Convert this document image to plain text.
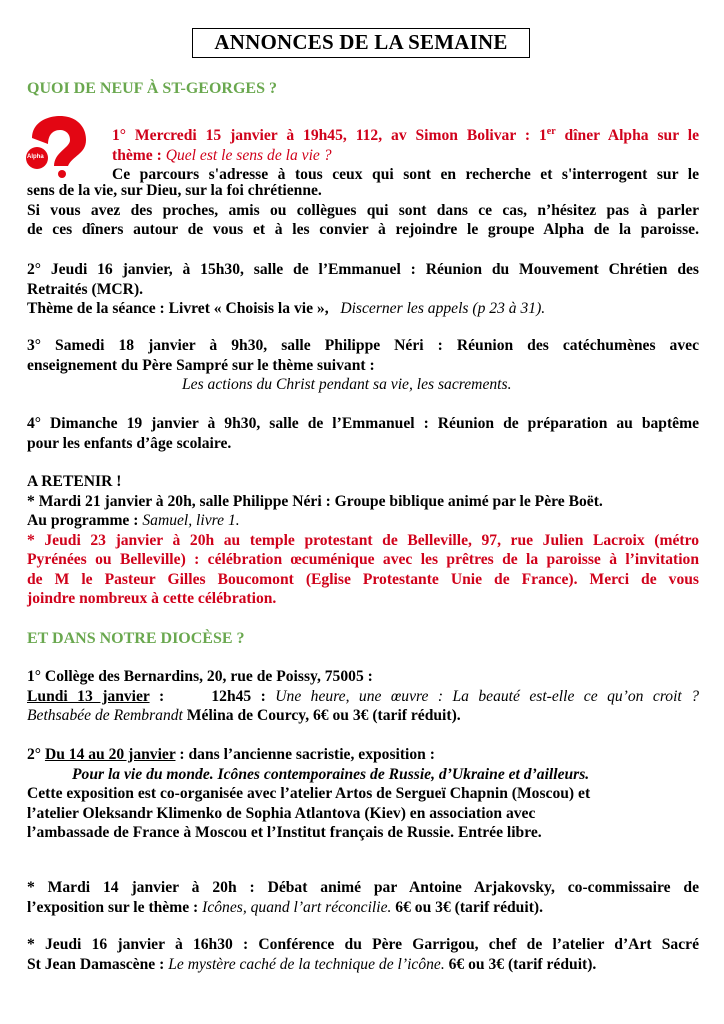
ANNONCES DE LA SEMAINE
QUOI DE NEUF À ST-GEORGES ?
Alpha
1° Mercredi 15 janvier à 19h45, 112, av Simon Bolivar : 1er dîner Alpha sur le
thème : Quel est le sens de la vie ?
Ce parcours s'adresse à tous ceux qui sont en recherche et s'interrogent sur le
sens de la vie, sur Dieu, sur la foi chrétienne.
Si vous avez des proches, amis ou collègues qui sont dans ce cas, n’hésitez pas à parler
de ces dîners autour de vous et à les convier à rejoindre le groupe Alpha de la paroisse.
2° Jeudi 16 janvier, à 15h30, salle de l’Emmanuel : Réunion du Mouvement Chrétien des
Retraités (MCR).
Thème de la séance : Livret « Choisis la vie », Discerner les appels (p 23 à 31).
3° Samedi 18 janvier à 9h30, salle Philippe Néri : Réunion des catéchumènes avec
enseignement du Père Sampré sur le thème suivant :
Les actions du Christ pendant sa vie, les sacrements.
4° Dimanche 19 janvier à 9h30, salle de l’Emmanuel : Réunion de préparation au baptême
pour les enfants d’âge scolaire.
A RETENIR !
* Mardi 21 janvier à 20h, salle Philippe Néri : Groupe biblique animé par le Père Boët.
Au programme : Samuel, livre 1.
* Jeudi 23 janvier à 20h au temple protestant de Belleville, 97, rue Julien Lacroix (métro
Pyrénées ou Belleville) : célébration œcuménique avec les prêtres de la paroisse à l’invitation
de M le Pasteur Gilles Boucomont (Eglise Protestante Unie de France). Merci de vous
joindre nombreux à cette célébration.
ET DANS NOTRE DIOCÈSE ?
1° Collège des Bernardins, 20, rue de Poissy, 75005 :
Lundi 13 janvier :	12h45 : Une heure, une œuvre : La beauté est-elle ce qu’on croit ?
Bethsabée de Rembrandt Mélina de Courcy, 6€ ou 3€ (tarif réduit).
2° Du 14 au 20 janvier : dans l’ancienne sacristie, exposition :
Pour la vie du monde. Icônes contemporaines de Russie, d’Ukraine et d’ailleurs.
Cette exposition est co-organisée avec l’atelier Artos de Sergueï Chapnin (Moscou) et
l’atelier Oleksandr Klimenko de Sophia Atlantova (Kiev) en association avec
l’ambassade de France à Moscou et l’Institut français de Russie. Entrée libre.
* Mardi 14 janvier à 20h : Débat animé par Antoine Arjakovsky, co-commissaire de
l’exposition sur le thème : Icônes, quand l’art réconcilie. 6€ ou 3€ (tarif réduit).
* Jeudi 16 janvier à 16h30 : Conférence du Père Garrigou, chef de l’atelier d’Art Sacré
St Jean Damascène : Le mystère caché de la technique de l’icône. 6€ ou 3€ (tarif réduit).
